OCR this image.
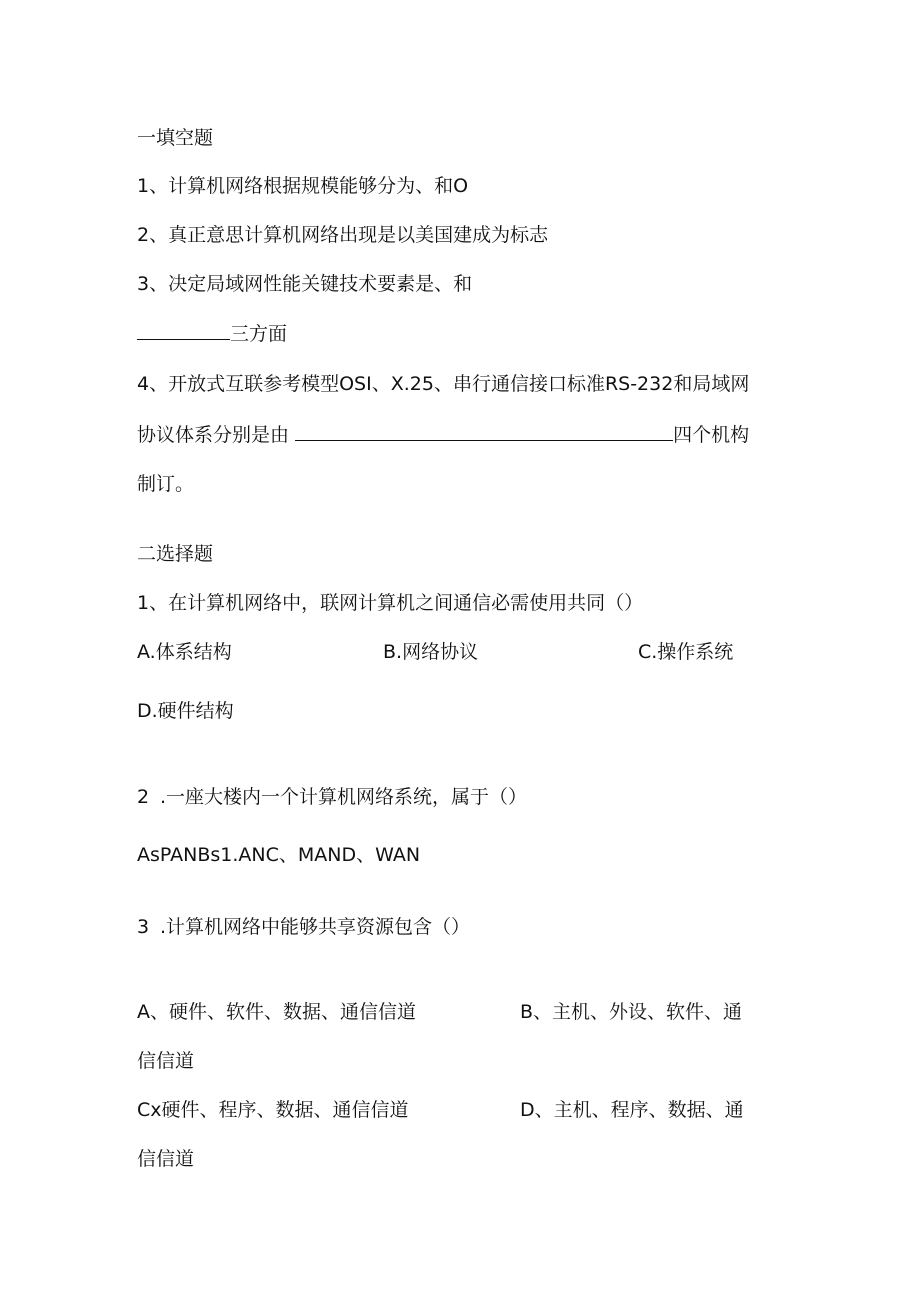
一填空题
1、计算机网络根据规模能够分为、和O
2、真正意思计算机网络出现是以美国建成为标志
3、决定局域网性能关键技术要素是、和
三方面
4、开放式互联参考模型OSI、X.25、串行通信接口标准RS-232和局域网
协议体系分别是由	四个机构
制订。
二选择题
1、在计算机网络中，联网计算机之间通信必需使用共同（）
A.体系结构	B.网络协议	C.操作系统
D.硬件结构
2 .一座大楼内一个计算机网络系统，属于（）
AsPANBs1.ANC、MAND、WAN
3 .计算机网络中能够共享资源包含（）
A、硬件、软件、数据、通信信道	B、主机、外设、软件、通
信信道
Cx硬件、程序、数据、通信信道	D、主机、程序、数据、通
信信道
